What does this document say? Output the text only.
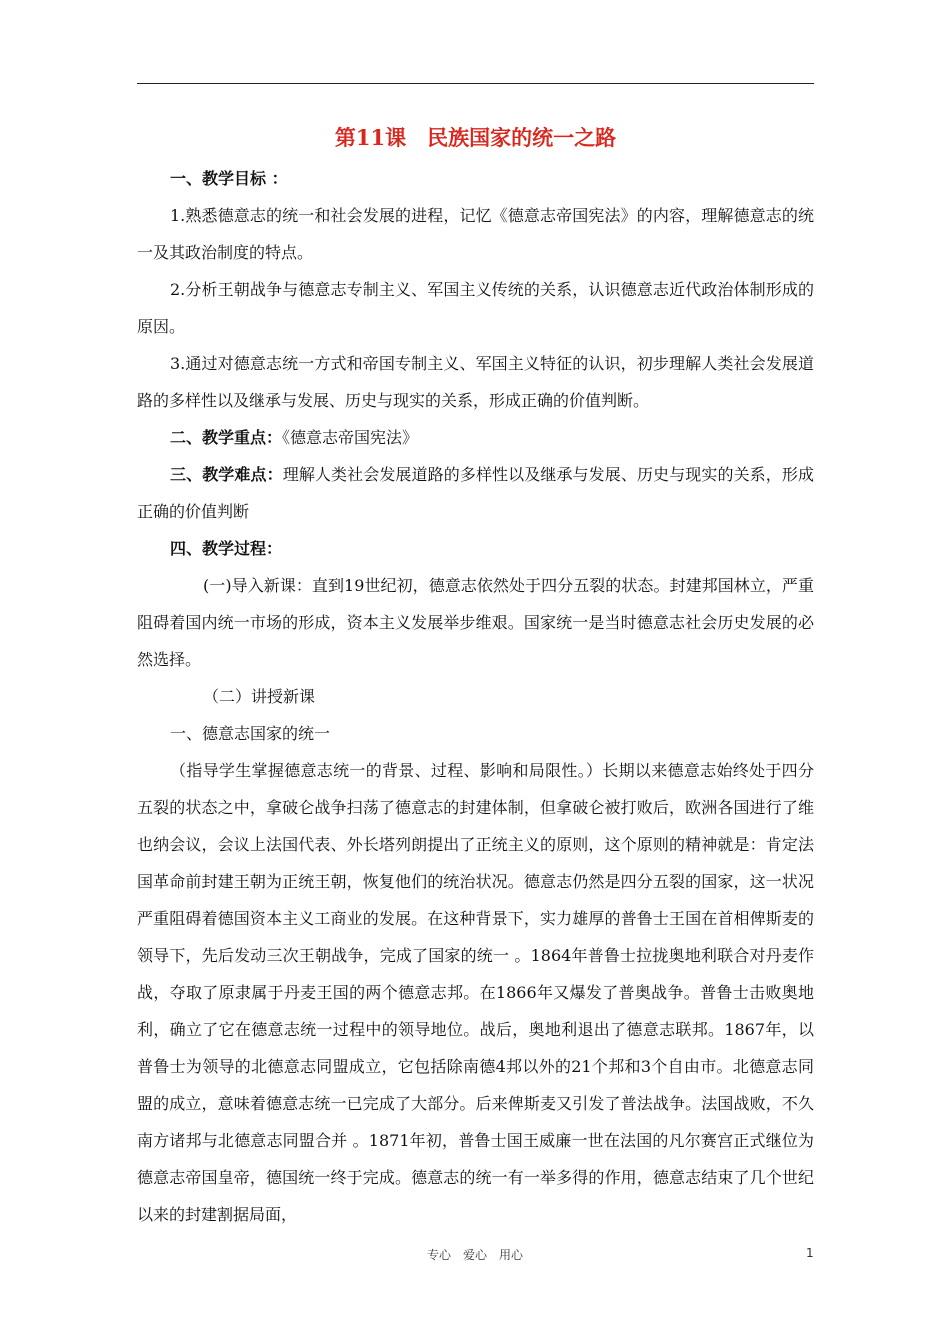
第11课　民族国家的统一之路

一、教学目标 ：

1.熟悉德意志的统一和社会发展的进程，记忆《德意志帝国宪法》的内容，理解德意志的统一及其政治制度的特点。

2.分析王朝战争与德意志专制主义、军国主义传统的关系，认识德意志近代政治体制形成的原因。

3.通过对德意志统一方式和帝国专制主义、军国主义特征的认识，初步理解人类社会发展道路的多样性以及继承与发展、历史与现实的关系，形成正确的价值判断。

二、教学重点：《德意志帝国宪法》

三、教学难点：理解人类社会发展道路的多样性以及继承与发展、历史与现实的关系，形成正确的价值判断

四、教学过程：

(一)导入新课：直到19世纪初，德意志依然处于四分五裂的状态。封建邦国林立，严重阻碍着国内统一市场的形成，资本主义发展举步维艰。国家统一是当时德意志社会历史发展的必然选择。

（二）讲授新课

一、德意志国家的统一

（指导学生掌握德意志统一的背景、过程、影响和局限性。）长期以来德意志始终处于四分五裂的状态之中，拿破仑战争扫荡了德意志的封建体制，但拿破仑被打败后，欧洲各国进行了维也纳会议，会议上法国代表、外长塔列朗提出了正统主义的原则，这个原则的精神就是：肯定法国革命前封建王朝为正统王朝，恢复他们的统治状况。德意志仍然是四分五裂的国家，这一状况严重阻碍着德国资本主义工商业的发展。在这种背景下，实力雄厚的普鲁士王国在首相俾斯麦的领导下，先后发动三次王朝战争，完成了国家的统一 。1864年普鲁士拉拢奥地利联合对丹麦作战，夺取了原隶属于丹麦王国的两个德意志邦。在1866年又爆发了普奥战争。普鲁士击败奥地利，确立了它在德意志统一过程中的领导地位。战后，奥地利退出了德意志联邦。1867年，以普鲁士为领导的北德意志同盟成立，它包括除南德4邦以外的21个邦和3个自由市。北德意志同盟的成立，意味着德意志统一已完成了大部分。后来俾斯麦又引发了普法战争。法国战败，不久南方诸邦与北德意志同盟合并 。1871年初，普鲁士国王威廉一世在法国的凡尔赛宫正式继位为德意志帝国皇帝，德国统一终于完成。德意志的统一有一举多得的作用，德意志结束了几个世纪以来的封建割据局面，

专心　爱心　用心	1
